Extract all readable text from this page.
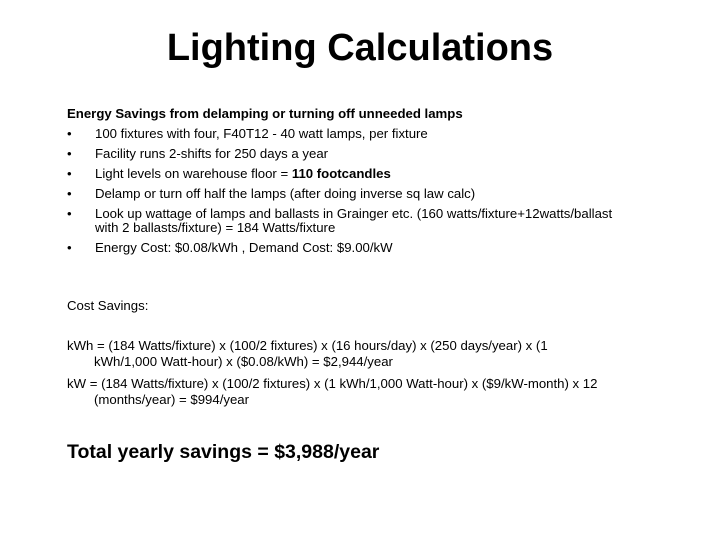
Lighting Calculations
Energy Savings from delamping or turning off unneeded lamps
•	100 fixtures with four, F40T12 - 40 watt lamps, per fixture
•	Facility runs 2-shifts for 250 days a year
•	Light levels on warehouse floor = 110 footcandles
•	Delamp or turn off half the lamps (after doing inverse sq law calc)
•	Look up wattage of lamps and ballasts in Grainger etc. (160 watts/fixture+12watts/ballast
with 2 ballasts/fixture) = 184 Watts/fixture
•	Energy Cost: $0.08/kWh , Demand Cost: $9.00/kW
Cost Savings:
kWh = (184 Watts/fixture) x (100/2 fixtures) x (16 hours/day) x (250 days/year) x (1
kWh/1,000 Watt-hour) x ($0.08/kWh) = $2,944/year
kW = (184 Watts/fixture) x (100/2 fixtures) x (1 kWh/1,000 Watt-hour) x ($9/kW-month) x 12
(months/year) = $994/year
Total yearly savings = $3,988/year
